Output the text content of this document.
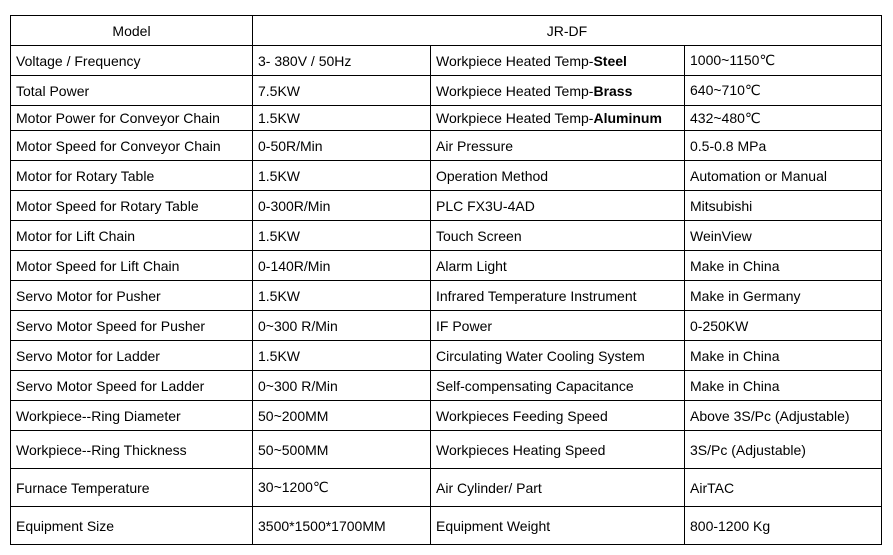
Model	JR-DF		
Voltage / Frequency	3- 380V / 50Hz	Workpiece Heated Temp-Steel	1000~1150℃
Total Power	7.5KW	Workpiece Heated Temp-Brass	640~710℃
Motor Power for Conveyor Chain	1.5KW	Workpiece Heated Temp-Aluminum	432~480℃
Motor Speed for Conveyor Chain	0-50R/Min	Air Pressure	0.5-0.8 MPa
Motor for Rotary Table	1.5KW	Operation Method	Automation or Manual
Motor Speed for Rotary Table	0-300R/Min	PLC FX3U-4AD	Mitsubishi
Motor for Lift Chain	1.5KW	Touch Screen	WeinView
Motor Speed for Lift Chain	0-140R/Min	Alarm Light	Make in China
Servo Motor for Pusher	1.5KW	Infrared Temperature Instrument	Make in Germany
Servo Motor Speed for Pusher	0~300 R/Min	IF Power	0-250KW
Servo Motor for Ladder	1.5KW	Circulating Water Cooling System	Make in China
Servo Motor Speed for Ladder	0~300 R/Min	Self-compensating Capacitance	Make in China
Workpiece--Ring Diameter	50~200MM	Workpieces Feeding Speed	Above 3S/Pc (Adjustable)
Workpiece--Ring Thickness	50~500MM	Workpieces Heating Speed	3S/Pc (Adjustable)
Furnace Temperature	30~1200℃	Air Cylinder/ Part	AirTAC
Equipment Size	3500*1500*1700MM	Equipment Weight	800-1200 Kg
